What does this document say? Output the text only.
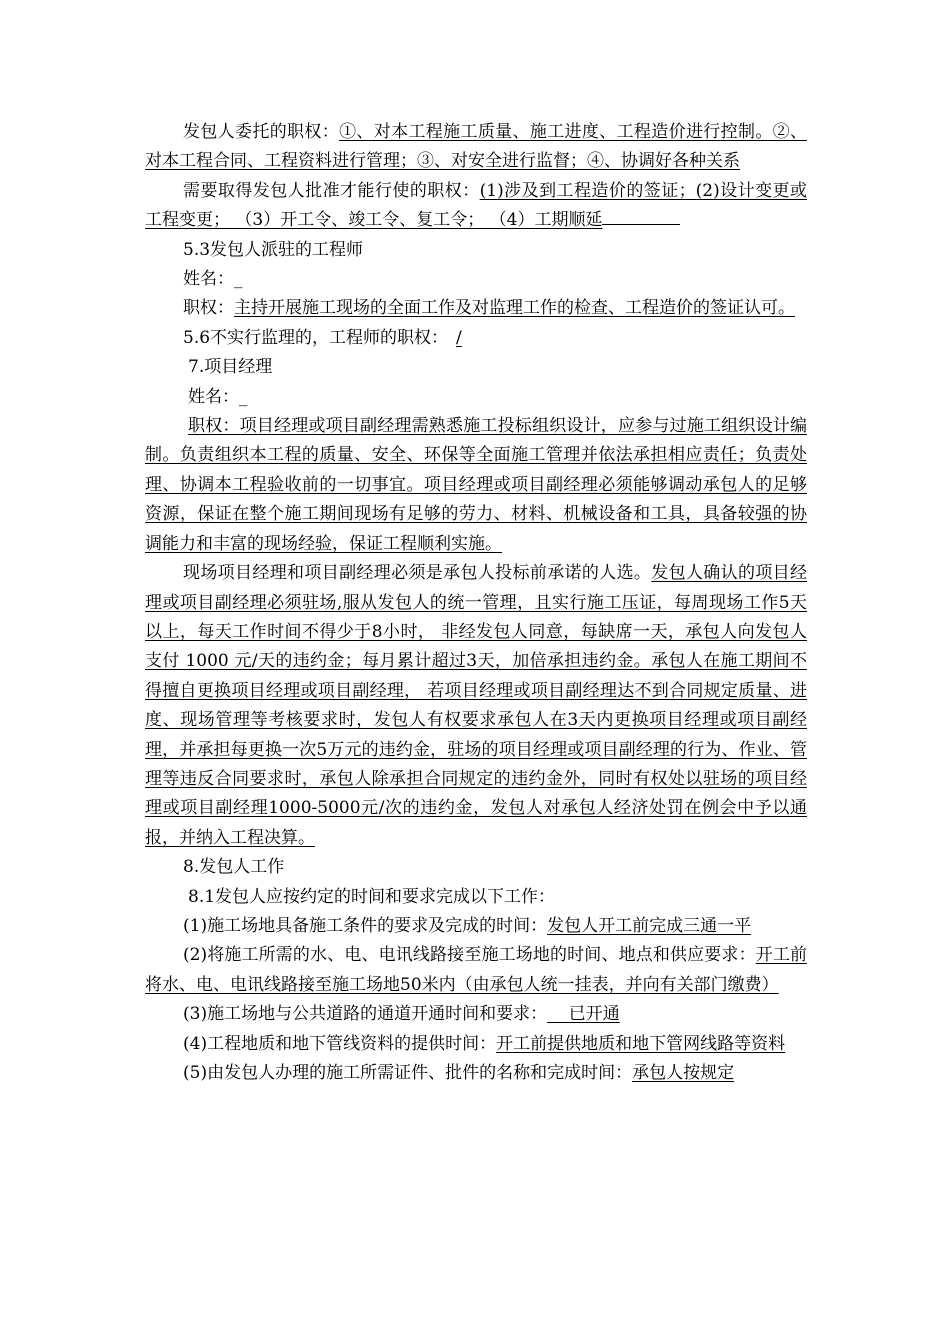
发包人委托的职权：①、对本工程施工质量、施工进度、工程造价进行控制。②、对本工程合同、工程资料进行管理；③、对安全进行监督；④、协调好各种关系

需要取得发包人批准才能行使的职权：(1)涉及到工程造价的签证；(2)设计变更或工程变更； （3）开工令、竣工令、复工令； （4）工期顺延

5.3发包人派驻的工程师

姓名：_

职权：主持开展施工现场的全面工作及对监理工作的检查、工程造价的签证认可。

5.6不实行监理的，工程师的职权： /

7.项目经理

姓名：_

职权：项目经理或项目副经理需熟悉施工投标组织设计，应参与过施工组织设计编制。负责组织本工程的质量、安全、环保等全面施工管理并依法承担相应责任；负责处理、协调本工程验收前的一切事宜。项目经理或项目副经理必须能够调动承包人的足够资源，保证在整个施工期间现场有足够的劳力、材料、机械设备和工具，具备较强的协调能力和丰富的现场经验，保证工程顺利实施。

现场项目经理和项目副经理必须是承包人投标前承诺的人选。发包人确认的项目经理或项目副经理必须驻场,服从发包人的统一管理，且实行施工压证，每周现场工作5天以上，每天工作时间不得少于8小时， 非经发包人同意，每缺席一天，承包人向发包人支付 1000 元/天的违约金；每月累计超过3天，加倍承担违约金。承包人在施工期间不得擅自更换项目经理或项目副经理， 若项目经理或项目副经理达不到合同规定质量、进度、现场管理等考核要求时，发包人有权要求承包人在3天内更换项目经理或项目副经理，并承担每更换一次5万元的违约金，驻场的项目经理或项目副经理的行为、作业、管理等违反合同要求时，承包人除承担合同规定的违约金外，同时有权处以驻场的项目经理或项目副经理1000-5000元/次的违约金，发包人对承包人经济处罚在例会中予以通报，并纳入工程决算。

8.发包人工作

8.1发包人应按约定的时间和要求完成以下工作：

(1)施工场地具备施工条件的要求及完成的时间：发包人开工前完成三通一平

(2)将施工所需的水、电、电讯线路接至施工场地的时间、地点和供应要求：开工前将水、电、电讯线路接至施工场地50米内（由承包人统一挂表，并向有关部门缴费）

(3)施工场地与公共道路的通道开通时间和要求：    已开通

(4)工程地质和地下管线资料的提供时间：开工前提供地质和地下管网线路等资料

(5)由发包人办理的施工所需证件、批件的名称和完成时间：承包人按规定
